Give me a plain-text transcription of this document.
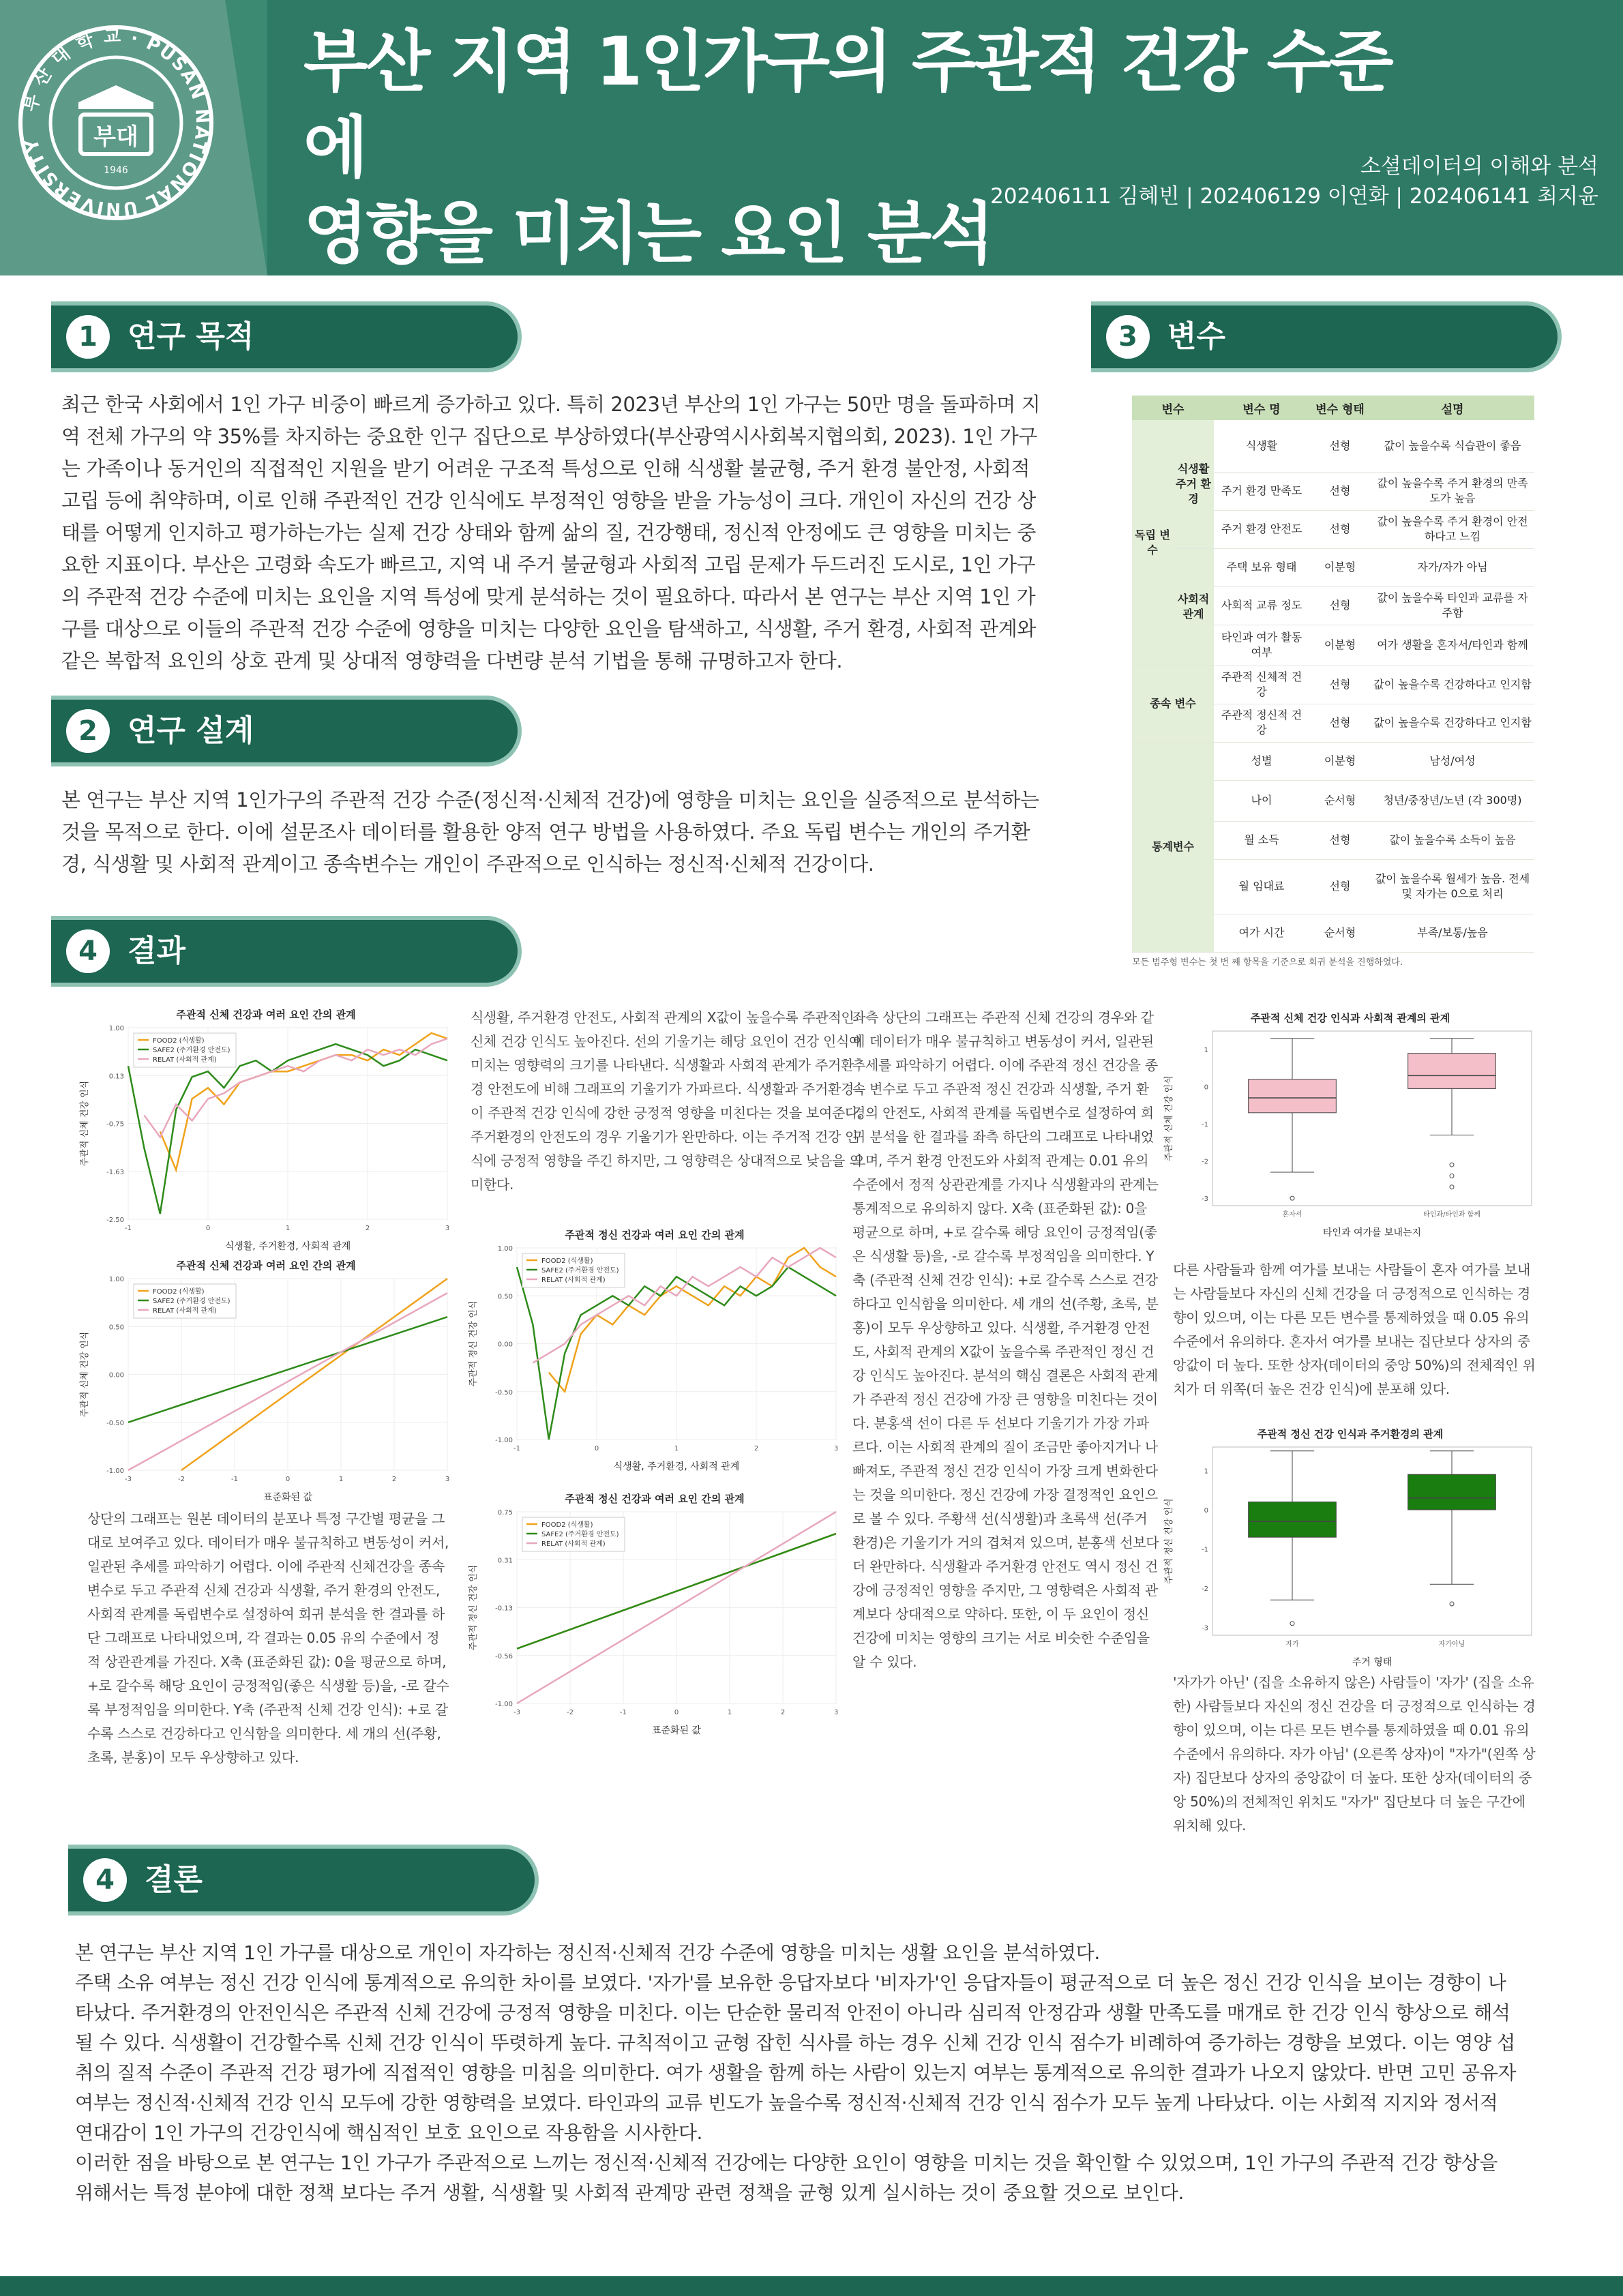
부 산 대 학 교 · PUSAN NATIONAL UNIVERSITY	부대
1946
부산 지역 1인가구의 주관적 건강 수준에
영향을 미치는 요인 분석
소셜데이터의 이해와 분석
202406111 김혜빈 | 202406129 이연화 | 202406141 최지윤
1	연구 목적
최근 한국 사회에서 1인 가구 비중이 빠르게 증가하고 있다. 특히 2023년 부산의 1인 가구는 50만 명을 돌파하며 지역 전체 가구의 약 35%를 차지하는 중요한 인구 집단으로 부상하였다(부산광역시사회복지협의회, 2023). 1인 가구는 가족이나 동거인의 직접적인 지원을 받기 어려운 구조적 특성으로 인해 식생활 불균형, 주거 환경 불안정, 사회적 고립 등에 취약하며, 이로 인해 주관적인 건강 인식에도 부정적인 영향을 받을 가능성이 크다. 개인이 자신의 건강 상태를 어떻게 인지하고 평가하는가는 실제 건강 상태와 함께 삶의 질, 건강행태, 정신적 안정에도 큰 영향을 미치는 중요한 지표이다. 부산은 고령화 속도가 빠르고, 지역 내 주거 불균형과 사회적 고립 문제가 두드러진 도시로, 1인 가구의 주관적 건강 수준에 미치는 요인을 지역 특성에 맞게 분석하는 것이 필요하다. 따라서 본 연구는 부산 지역 1인 가구를 대상으로 이들의 주관적 건강 수준에 영향을 미치는 다양한 요인을 탐색하고, 식생활, 주거 환경, 사회적 관계와 같은 복합적 요인의 상호 관계 및 상대적 영향력을 다변량 분석 기법을 통해 규명하고자 한다.
2	연구 설계
본 연구는 부산 지역 1인가구의 주관적 건강 수준(정신적·신체적 건강)에 영향을 미치는 요인을 실증적으로 분석하는 것을 목적으로 한다. 이에 설문조사 데이터를 활용한 양적 연구 방법을 사용하였다. 주요 독립 변수는 개인의 주거환경, 식생활 및 사회적 관계이고 종속변수는 개인이 주관적으로 인식하는 정신적·신체적 건강이다.
3	변수
변수		변수 명	변수 형태	설명
독립 변수	식생활 주거 환경	식생활	선형	값이 높을수록 식습관이 좋음
		주거 환경 만족도	선형	값이 높을수록 주거 환경의 만족도가 높음
		주거 환경 안전도	선형	값이 높을수록 주거 환경이 안전하다고 느낌
	사회적 관계	주택 보유 형태	이분형	자가/자가 아님
		사회적 교류 정도	선형	값이 높을수록 타인과 교류를 자주함
		타인과 여가 활동 여부	이분형	여가 생활을 혼자서/타인과 함께
종속 변수		주관적 신체적 건강	선형	값이 높을수록 건강하다고 인지함
		주관적 정신적 건강	선형	값이 높을수록 건강하다고 인지함
통계변수		성별	이분형	남성/여성
		나이	순서형	청년/중장년/노년 (각 300명)
		월 소득	선형	값이 높을수록 소득이 높음
		월 임대료	선형	값이 높을수록 월세가 높음. 전세 및 자가는 0으로 처리
		여가 시간	순서형	부족/보통/높음
모든 범주형 변수는 첫 번 째 항목을 기준으로 회귀 분석을 진행하였다.
4	결과
주관적 신체 건강과 여러 요인 간의 관계
식생활, 주거환경, 사회적 관계
주관적 신체 건강 인식
-1	0	1	2	3
-2.50
-1.63
-0.75
0.13
1.00
FOOD2 (식생활)
SAFE2 (주거환경 안전도)
RELAT (사회적 관계)
주관적 신체 건강과 여러 요인 간의 관계
표준화된 값
주관적 신체 건강 인식
-3	-2	-1	0	1	2	3
-1.00
-0.50
0.00
0.50
1.00
FOOD2 (식생활)
SAFE2 (주거환경 안전도)
RELAT (사회적 관계)
주관적 정신 건강과 여러 요인 간의 관계
식생활, 주거환경, 사회적 관계
주관적 정신 건강 인식
-1	0	1	2	3
-1.00
-0.50
0.00
0.50
1.00
FOOD2 (식생활)
SAFE2 (주거환경 안전도)
RELAT (사회적 관계)
주관적 정신 건강과 여러 요인 간의 관계
표준화된 값
주관적 정신 건강 인식
-3	-2	-1	0	1	2	3
-1.00
-0.56
-0.13
0.31
0.75
FOOD2 (식생활)
SAFE2 (주거환경 안전도)
RELAT (사회적 관계)
주관적 신체 건강 인식과 사회적 관계의 관계
타인과 여가를 보내는지
주관적 신체 건강 인식
-3
-2
-1
0
1
혼자서	타인과/타인과 함께
주관적 정신 건강 인식과 주거환경의 관계
주거 형태
주관적 정신 건강 인식
-3
-2
-1
0
1
자가	자가아님
식생활, 주거환경 안전도, 사회적 관계의 X값이 높을수록 주관적인 신체 건강 인식도 높아진다. 선의 기울기는 해당 요인이 건강 인식에 미치는 영향력의 크기를 나타낸다. 식생활과 사회적 관계가 주거환경 안전도에 비해 그래프의 기울기가 가파르다. 식생활과 주거환경이 주관적 건강 인식에 강한 긍정적 영향을 미친다는 것을 보여준다. 주거환경의 안전도의 경우 기울기가 완만하다. 이는 주거적 건강 인식에 긍정적 영향을 주긴 하지만, 그 영향력은 상대적으로 낮음을 의미한다.
상단의 그래프는 원본 데이터의 분포나 특정 구간별 평균을 그대로 보여주고 있다. 데이터가 매우 불규칙하고 변동성이 커서, 일관된 추세를 파악하기 어렵다. 이에 주관적 신체건강을 종속 변수로 두고 주관적 신체 건강과 식생활, 주거 환경의 안전도, 사회적 관계를 독립변수로 설정하여 회귀 분석을 한 결과를 하단 그래프로 나타내었으며, 각 결과는 0.05 유의 수준에서 정적 상관관계를 가진다. X축 (표준화된 값): 0을 평균으로 하며, +로 갈수록 해당 요인이 긍정적임(좋은 식생활 등)을, -로 갈수록 부정적임을 의미한다. Y축 (주관적 신체 건강 인식): +로 갈수록 스스로 건강하다고 인식함을 의미한다. 세 개의 선(주황, 초록, 분홍)이 모두 우상향하고 있다.
좌측 상단의 그래프는 주관적 신체 건강의 경우와 같이 데이터가 매우 불규칙하고 변동성이 커서, 일관된 추세를 파악하기 어렵다. 이에 주관적 정신 건강을 종속 변수로 두고 주관적 정신 건강과 식생활, 주거 환경의 안전도, 사회적 관계를 독립변수로 설정하여 회귀 분석을 한 결과를 좌측 하단의 그래프로 나타내었으며, 주거 환경 안전도와 사회적 관계는 0.01 유의 수준에서 정적 상관관계를 가지나 식생활과의 관계는 통계적으로 유의하지 않다. X축 (표준화된 값): 0을 평균으로 하며, +로 갈수록 해당 요인이 긍정적임(좋은 식생활 등)을, -로 갈수록 부정적임을 의미한다. Y축 (주관적 신체 건강 인식): +로 갈수록 스스로 건강하다고 인식함을 의미한다. 세 개의 선(주황, 초록, 분홍)이 모두 우상향하고 있다. 식생활, 주거환경 안전도, 사회적 관계의 X값이 높을수록 주관적인 정신 건강 인식도 높아진다. 분석의 핵심 결론은 사회적 관계가 주관적 정신 건강에 가장 큰 영향을 미친다는 것이다. 분홍색 선이 다른 두 선보다 기울기가 가장 가파르다. 이는 사회적 관계의 질이 조금만 좋아지거나 나빠져도, 주관적 정신 건강 인식이 가장 크게 변화한다는 것을 의미한다. 정신 건강에 가장 결정적인 요인으로 볼 수 있다. 주황색 선(식생활)과 초록색 선(주거환경)은 기울기가 거의 겹쳐져 있으며, 분홍색 선보다 더 완만하다. 식생활과 주거환경 안전도 역시 정신 건강에 긍정적인 영향을 주지만, 그 영향력은 사회적 관계보다 상대적으로 약하다. 또한, 이 두 요인이 정신 건강에 미치는 영향의 크기는 서로 비슷한 수준임을 알 수 있다.
다른 사람들과 함께 여가를 보내는 사람들이 혼자 여가를 보내는 사람들보다 자신의 신체 건강을 더 긍정적으로 인식하는 경향이 있으며, 이는 다른 모든 변수를 통제하였을 때 0.05 유의 수준에서 유의하다. 혼자서 여가를 보내는 집단보다 상자의 중앙값이 더 높다. 또한 상자(데이터의 중앙 50%)의 전체적인 위치가 더 위쪽(더 높은 건강 인식)에 분포해 있다.
'자가가 아닌' (집을 소유하지 않은) 사람들이 '자가' (집을 소유한) 사람들보다 자신의 정신 건강을 더 긍정적으로 인식하는 경향이 있으며, 이는 다른 모든 변수를 통제하였을 때 0.01 유의 수준에서 유의하다. 자가 아님' (오른쪽 상자)이 "자가"(왼쪽 상자) 집단보다 상자의 중앙값이 더 높다. 또한 상자(데이터의 중앙 50%)의 전체적인 위치도 "자가" 집단보다 더 높은 구간에 위치해 있다.
4	결론
본 연구는 부산 지역 1인 가구를 대상으로 개인이 자각하는 정신적·신체적 건강 수준에 영향을 미치는 생활 요인을 분석하였다.
주택 소유 여부는 정신 건강 인식에 통계적으로 유의한 차이를 보였다. '자가'를 보유한 응답자보다 '비자가'인 응답자들이 평균적으로 더 높은 정신 건강 인식을 보이는 경향이 나타났다. 주거환경의 안전인식은 주관적 신체 건강에 긍정적 영향을 미친다. 이는 단순한 물리적 안전이 아니라 심리적 안정감과 생활 만족도를 매개로 한 건강 인식 향상으로 해석될 수 있다. 식생활이 건강할수록 신체 건강 인식이 뚜렷하게 높다. 규칙적이고 균형 잡힌 식사를 하는 경우 신체 건강 인식 점수가 비례하여 증가하는 경향을 보였다. 이는 영양 섭취의 질적 수준이 주관적 건강 평가에 직접적인 영향을 미침을 의미한다. 여가 생활을 함께 하는 사람이 있는지 여부는 통계적으로 유의한 결과가 나오지 않았다. 반면 고민 공유자 여부는 정신적·신체적 건강 인식 모두에 강한 영향력을 보였다. 타인과의 교류 빈도가 높을수록 정신적·신체적 건강 인식 점수가 모두 높게 나타났다. 이는 사회적 지지와 정서적 연대감이 1인 가구의 건강인식에 핵심적인 보호 요인으로 작용함을 시사한다.
이러한 점을 바탕으로 본 연구는 1인 가구가 주관적으로 느끼는 정신적·신체적 건강에는 다양한 요인이 영향을 미치는 것을 확인할 수 있었으며, 1인 가구의 주관적 건강 향상을 위해서는 특정 분야에 대한 정책 보다는 주거 생활, 식생활 및 사회적 관계망 관련 정책을 균형 있게 실시하는 것이 중요할 것으로 보인다.
